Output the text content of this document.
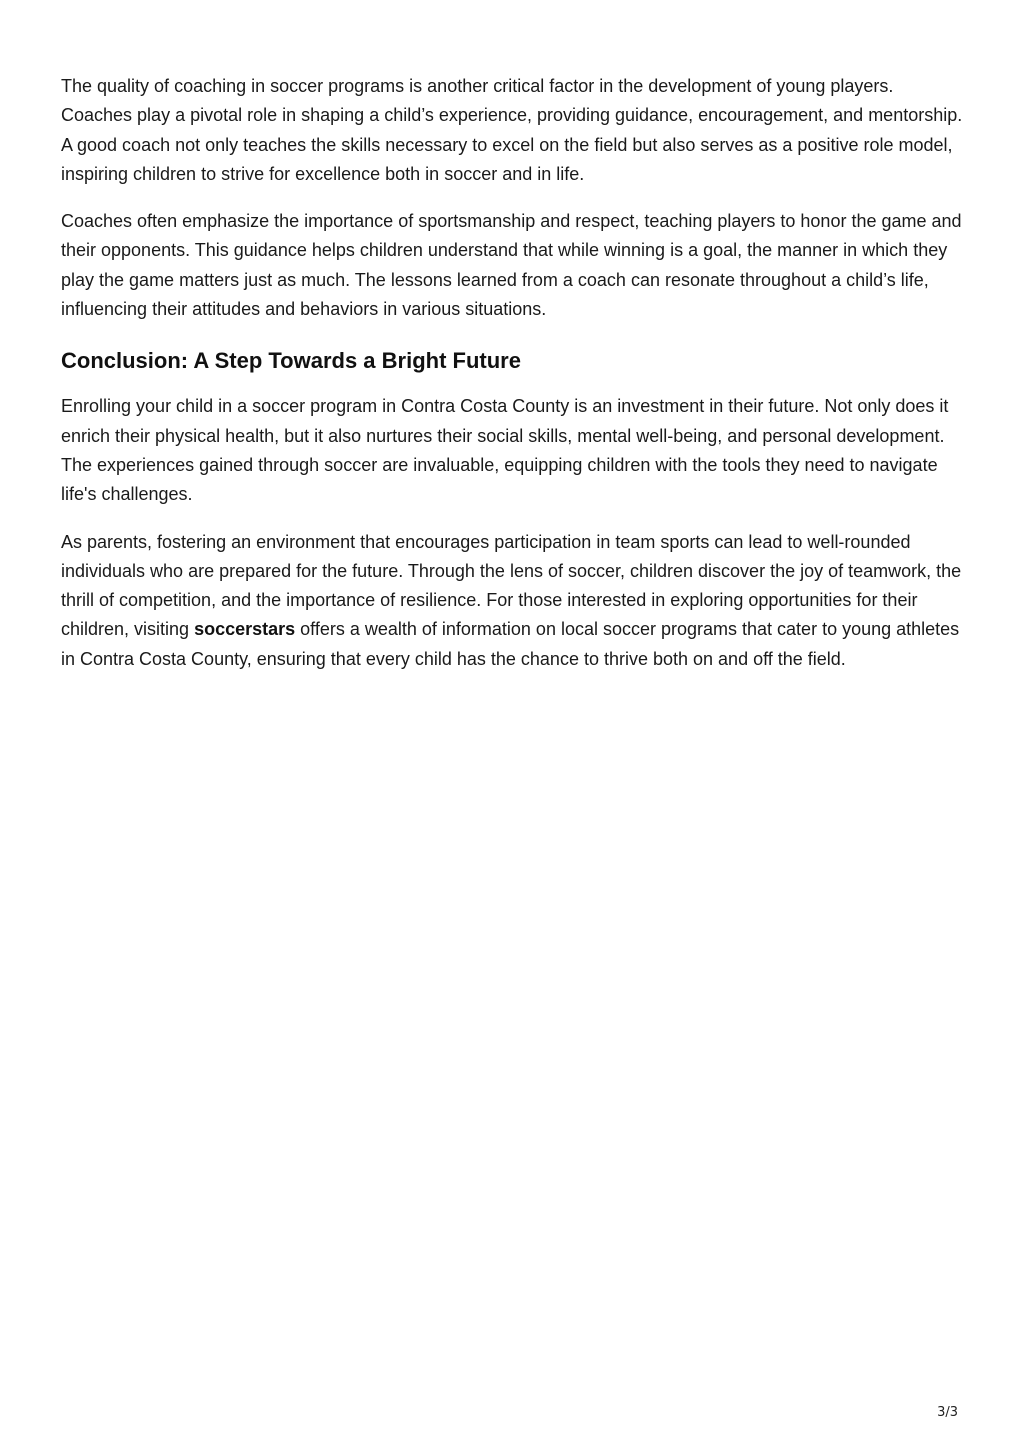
The quality of coaching in soccer programs is another critical factor in the development of young players. Coaches play a pivotal role in shaping a child’s experience, providing guidance, encouragement, and mentorship. A good coach not only teaches the skills necessary to excel on the field but also serves as a positive role model, inspiring children to strive for excellence both in soccer and in life.

Coaches often emphasize the importance of sportsmanship and respect, teaching players to honor the game and their opponents. This guidance helps children understand that while winning is a goal, the manner in which they play the game matters just as much. The lessons learned from a coach can resonate throughout a child’s life, influencing their attitudes and behaviors in various situations.

Conclusion: A Step Towards a Bright Future

Enrolling your child in a soccer program in Contra Costa County is an investment in their future. Not only does it enrich their physical health, but it also nurtures their social skills, mental well-being, and personal development. The experiences gained through soccer are invaluable, equipping children with the tools they need to navigate life's challenges.

As parents, fostering an environment that encourages participation in team sports can lead to well-rounded individuals who are prepared for the future. Through the lens of soccer, children discover the joy of teamwork, the thrill of competition, and the importance of resilience. For those interested in exploring opportunities for their children, visiting soccerstars offers a wealth of information on local soccer programs that cater to young athletes in Contra Costa County, ensuring that every child has the chance to thrive both on and off the field.

3/3
